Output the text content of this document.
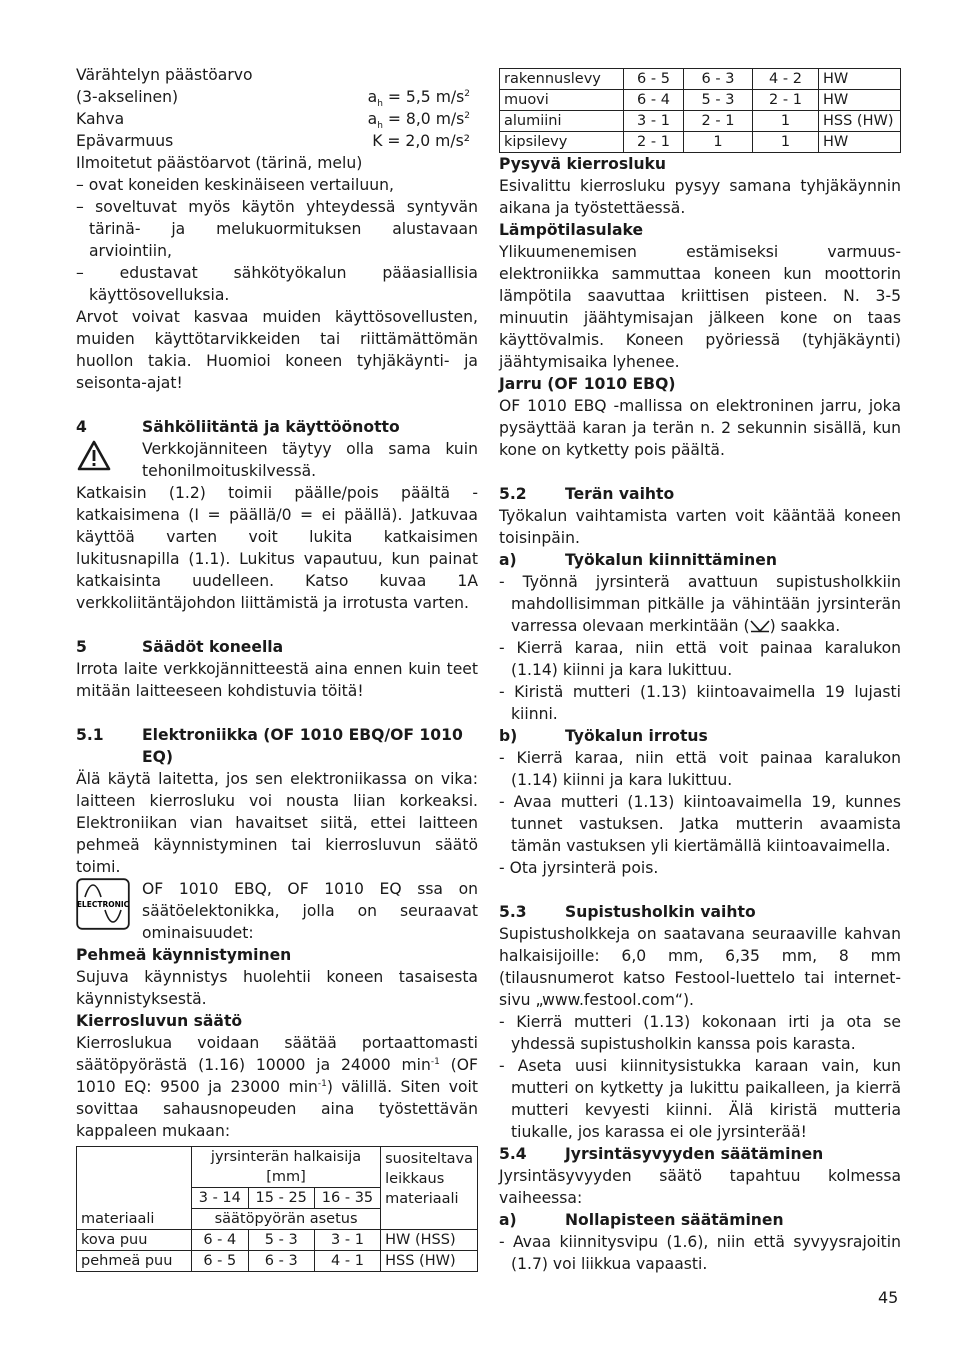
Värähtelyn päästöarvo

(3-akselinen)	$a_h = 5,5$ $m/s^2$
Kahva	$a_h = 8,0$ $m/s^2$
Epävarmuus	K = 2,0 m/s²

Ilmoitetut päästöarvot (tärinä, melu)

– ovat koneiden keskinäiseen vertailuun,

– soveltuvat myös käytön yhteydessä syntyvän tärinä- ja melukuormituksen alustavaan arviointiin,

– edustavat sähkötyökalun pääasiallisia käyttösovelluksia.

Arvot voivat kasvaa muiden käyttösovellusten, muiden käyttötarvikkeiden tai riittämättömän huollon takia. Huomioi koneen tyhjäkäynti- ja seisonta-ajat!

4	Sähköliitäntä ja käyttöönotto

Verkkojänniteen täytyy olla sama kuin tehonilmoituskilvessä.

Katkaisin (1.2) toimii päälle/pois päältä -katkaisimena (I = päällä/0 = ei päällä). Jatkuvaa käyttöä varten voit lukita katkaisimen lukitusnapilla (1.1). Lukitus vapautuu, kun painat katkaisinta uudelleen. Katso kuvaa 1A verkkoliitäntäjohdon liittämistä ja irrotusta varten.

5	Säädöt koneella

Irrota laite verkkojännitteestä aina ennen kuin teet mitään laitteeseen kohdistuvia töitä!

5.1	Elektroniikka (OF 1010 EBQ/OF 1010 EQ)

Älä käytä laitetta, jos sen elektroniikassa on vika: laitteen kierrosluku voi nousta liian korkeaksi. Elektroniikan vian havaitset siitä, ettei laitteen pehmeä käynnistyminen tai kierrosluvun säätö toimi.

ELECTRONIC

OF 1010 EBQ, OF 1010 EQ ssa on säätöelektonikka, jolla on seuraavat ominaisuudet:

Pehmeä käynnistyminen

Sujuva käynnistys huolehtii koneen tasaisesta käynnistyksestä.

Kierrosluvun säätö

Kierroslukua voidaan säätää portaattomasti säätöpyörästä (1.16) 10000 ja 24000 $\min^{-1} (OF$ 1010 EQ: 9500 ja 23000 $\min^{-1}$) välillä. Siten voit sovittaa sahausnopeuden aina työstettävän kappaleen mukaan:

materiaali	jyrsinterän halkaisija [mm]			suositeltava leikkaus materiaali
	3 - 14	15 - 25	16 - 35	
	säätöpyörän asetus			
kova puu	6 - 4	5 - 3	3 - 1	HW (HSS)
pehmeä puu	6 - 5	6 - 3	4 - 1	HSS (HW)
rakennuslevy	6 - 5	6 - 3	4 - 2	HW
muovi	6 - 4	5 - 3	2 - 1	HW
alumiini	3 - 1	2 - 1	1	HSS (HW)
kipsilevy	2 - 1	1	1	HW

Pysyvä kierrosluku

Esivalittu kierrosluku pysyy samana tyhjäkäynnin aikana ja työstettäessä.

Lämpötilasulake

Ylikuumenemisen estämiseksi varmuus-elektroniikka sammuttaa koneen kun moottorin lämpötila saavuttaa kriittisen pisteen. N. 3-5 minuutin jäähtymisajan jälkeen kone on taas käyttövalmis. Koneen pyöriessä (tyhjäkäynti) jäähtymisaika lyhenee.

Jarru (OF 1010 EBQ)

OF 1010 EBQ -mallissa on elektroninen jarru, joka pysäyttää karan ja terän n. 2 sekunnin sisällä, kun kone on kytketty pois päältä.

5.2	Terän vaihto

Työkalun vaihtamista varten voit kääntää koneen toisinpäin.

a)	Työkalun kiinnittäminen

- Työnnä jyrsinterä avattuun supistusholkkiin mahdollisimman pitkälle ja vähintään jyrsinterän varressa olevaan merkintään ( ) saakka.

- Kierrä karaa, niin että voit painaa karalukon (1.14) kiinni ja kara lukittuu.

- Kiristä mutteri (1.13) kiintoavaimella 19 lujasti kiinni.

b)	Työkalun irrotus

- Kierrä karaa, niin että voit painaa karalukon (1.14) kiinni ja kara lukittuu.

- Avaa mutteri (1.13) kiintoavaimella 19, kunnes tunnet vastuksen. Jatka mutterin avaamista tämän vastuksen yli kiertämällä kiintoavaimella.

- Ota jyrsinterä pois.

5.3	Supistusholkin vaihto

Supistusholkkeja on saatavana seuraaville kahvan halkaisijoille: 6,0 mm, 6,35 mm, 8 mm (tilausnumerot katso Festool-luettelo tai internet-sivu „www.festool.com“).

- Kierrä mutteri (1.13) kokonaan irti ja ota se yhdessä supistusholkin kanssa pois karasta.

- Aseta uusi kiinnitysistukka karaan vain, kun mutteri on kytketty ja lukittu paikalleen, ja kierrä mutteri kevyesti kiinni. Älä kiristä mutteria tiukalle, jos karassa ei ole jyrsinterää!

5.4	Jyrsintäsyvyyden säätäminen

Jyrsintäsyvyyden säätö tapahtuu kolmessa vaiheessa:

a)	Nollapisteen säätäminen

- Avaa kiinnitysvipu (1.6), niin että syvyysrajoitin (1.7) voi liikkua vapaasti.

45
